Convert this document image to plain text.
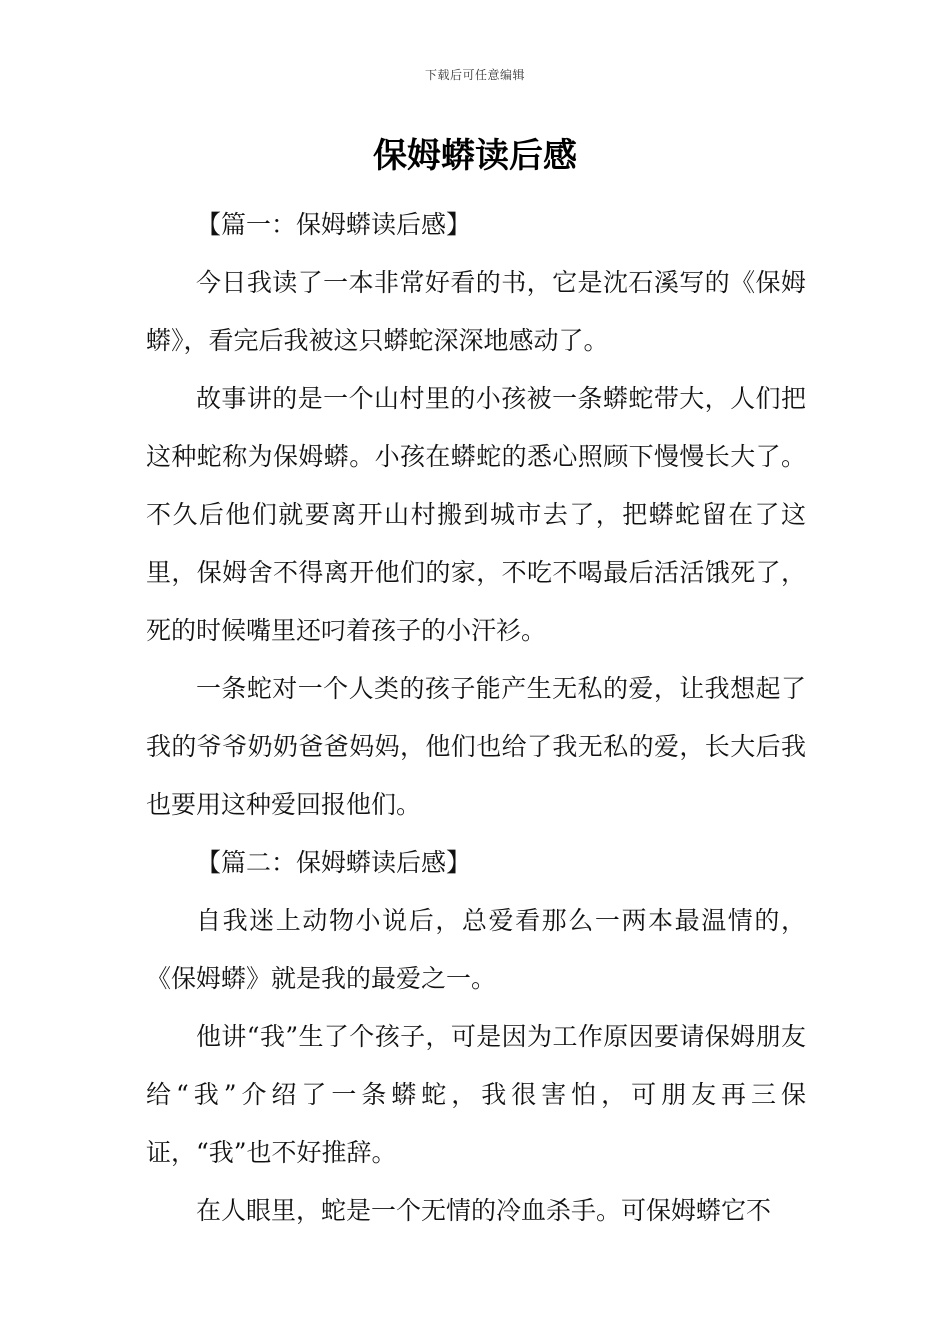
下载后可任意编辑
保姆蟒读后感

【篇一：保姆蟒读后感】

今日我读了一本非常好看的书，它是沈石溪写的《保姆蟒》，看完后我被这只蟒蛇深深地感动了。

故事讲的是一个山村里的小孩被一条蟒蛇带大，人们把这种蛇称为保姆蟒。小孩在蟒蛇的悉心照顾下慢慢长大了。不久后他们就要离开山村搬到城市去了，把蟒蛇留在了这里，保姆舍不得离开他们的家，不吃不喝最后活活饿死了，死的时候嘴里还叼着孩子的小汗衫。

一条蛇对一个人类的孩子能产生无私的爱，让我想起了我的爷爷奶奶爸爸妈妈，他们也给了我无私的爱，长大后我也要用这种爱回报他们。

【篇二：保姆蟒读后感】

自我迷上动物小说后，总爱看那么一两本最温情的，《保姆蟒》就是我的最爱之一。

他讲“我”生了个孩子，可是因为工作原因要请保姆朋友给“我”介绍了一条蟒蛇，我很害怕，可朋友再三保证，“我”也不好推辞。

在人眼里，蛇是一个无情的冷血杀手。可保姆蟒它不
